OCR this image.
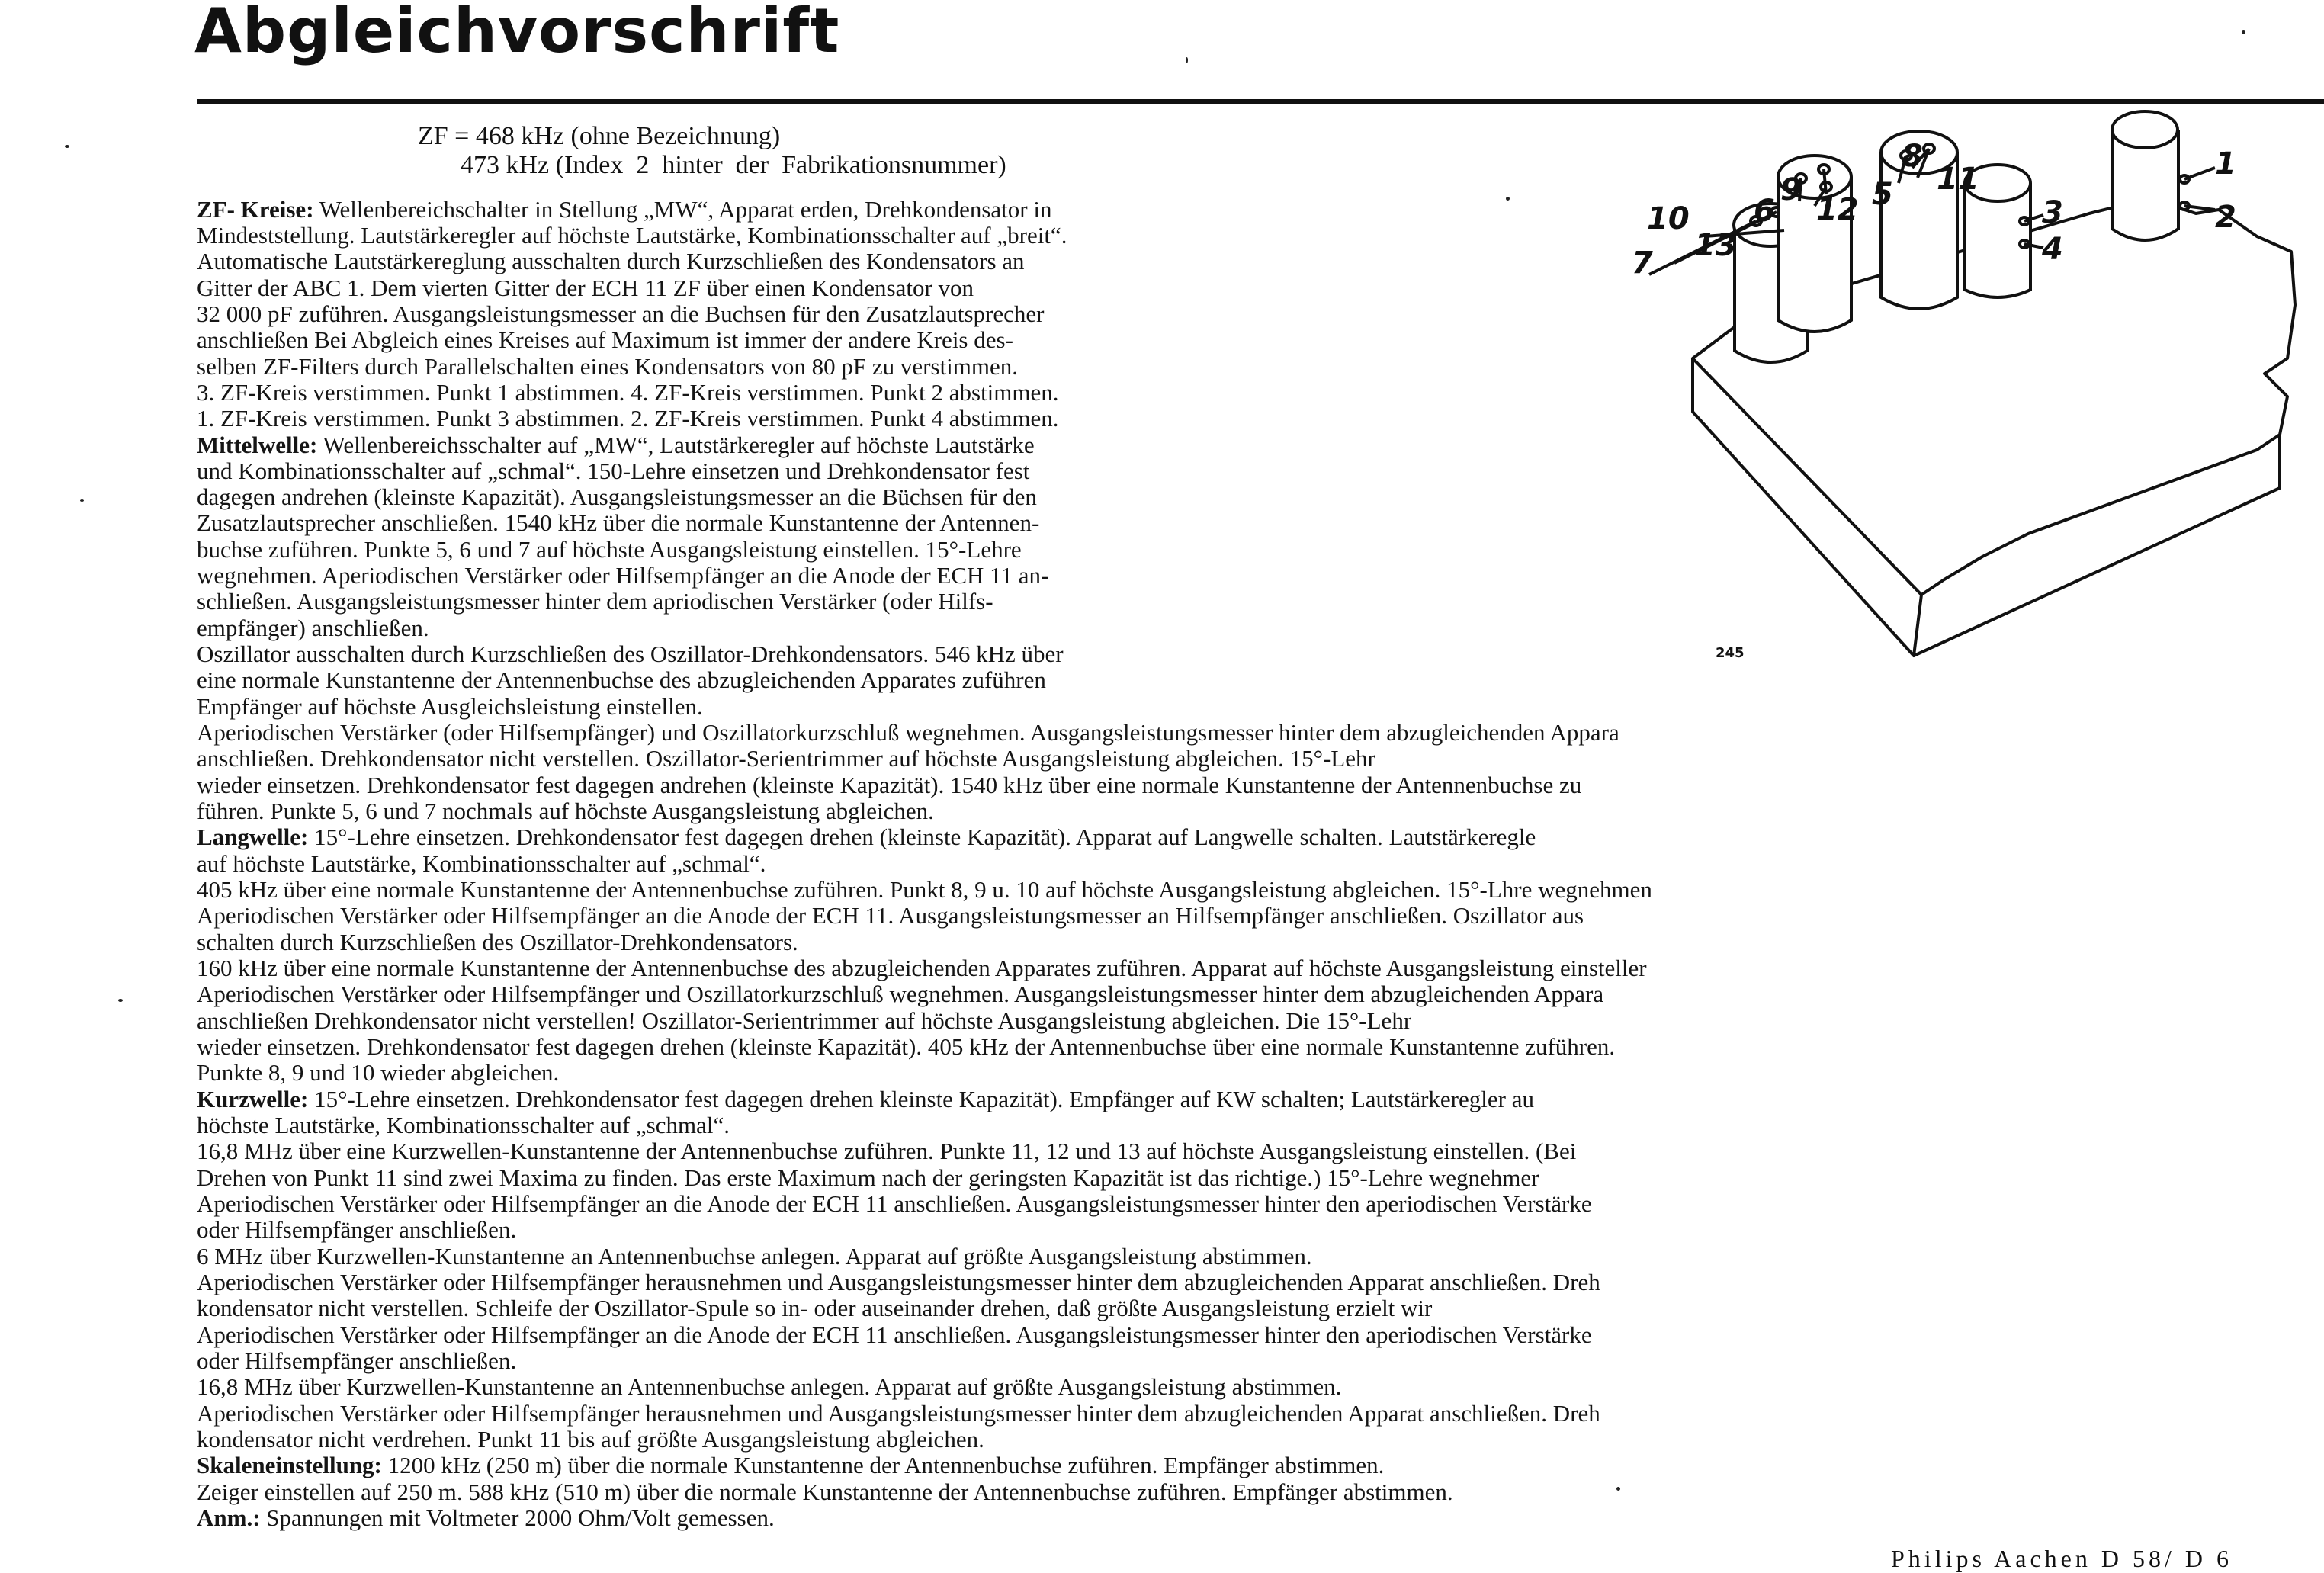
Abgleichvorschrift
ZF = 468 kHz (ohne Bezeichnung)
473 kHz (Index  2  hinter  der  Fabrikationsnummer)
7
10
13
9
12
6
8
11
5
3
4
1
2
245
ZF- Kreise: Wellenbereichschalter in Stellung „MW“, Apparat erden, Drehkondensator in
Mindeststellung. Lautstärkeregler auf höchste Lautstärke, Kombinationsschalter auf „breit“.
Automatische Lautstärkereglung ausschalten durch Kurzschließen des Kondensators an
Gitter der ABC 1. Dem vierten Gitter der ECH 11 ZF über einen Kondensator von
32 000 pF zuführen. Ausgangsleistungsmesser an die Buchsen für den Zusatzlautsprecher
anschließen Bei Abgleich eines Kreises auf Maximum ist immer der andere Kreis des-
selben ZF-Filters durch Parallelschalten eines Kondensators von 80 pF zu verstimmen.
3. ZF-Kreis verstimmen. Punkt 1 abstimmen. 4. ZF-Kreis verstimmen. Punkt 2 abstimmen.
1. ZF-Kreis verstimmen. Punkt 3 abstimmen. 2. ZF-Kreis verstimmen. Punkt 4 abstimmen.
Mittelwelle: Wellenbereichsschalter auf „MW“, Lautstärkeregler auf höchste Lautstärke
und Kombinationsschalter auf „schmal“. 150-Lehre einsetzen und Drehkondensator fest
dagegen andrehen (kleinste Kapazität). Ausgangsleistungsmesser an die Büchsen für den
Zusatzlautsprecher anschließen. 1540 kHz über die normale Kunstantenne der Antennen-
buchse zuführen. Punkte 5, 6 und 7 auf höchste Ausgangsleistung einstellen. 15°-Lehre
wegnehmen. Aperiodischen Verstärker oder Hilfsempfänger an die Anode der ECH 11 an-
schließen. Ausgangsleistungsmesser hinter dem apriodischen Verstärker (oder Hilfs-
empfänger) anschließen.
Oszillator ausschalten durch Kurzschließen des Oszillator-Drehkondensators. 546 kHz über
eine normale Kunstantenne der Antennenbuchse des abzugleichenden Apparates zuführen
Empfänger auf höchste Ausgleichsleistung einstellen.
Aperiodischen Verstärker (oder Hilfsempfänger) und Oszillatorkurzschluß wegnehmen. Ausgangsleistungsmesser hinter dem abzugleichenden Appara
anschließen. Drehkondensator nicht verstellen. Oszillator-Serientrimmer auf höchste Ausgangsleistung abgleichen. 15°-Lehr
wieder einsetzen. Drehkondensator fest dagegen andrehen (kleinste Kapazität). 1540 kHz über eine normale Kunstantenne der Antennenbuchse zu
führen. Punkte 5, 6 und 7 nochmals auf höchste Ausgangsleistung abgleichen.
Langwelle: 15°-Lehre einsetzen. Drehkondensator fest dagegen drehen (kleinste Kapazität). Apparat auf Langwelle schalten. Lautstärkeregle
auf höchste Lautstärke, Kombinationsschalter auf „schmal“.
405 kHz über eine normale Kunstantenne der Antennenbuchse zuführen. Punkt 8, 9 u. 10 auf höchste Ausgangsleistung abgleichen. 15°-Lhre wegnehmen
Aperiodischen Verstärker oder Hilfsempfänger an die Anode der ECH 11. Ausgangsleistungsmesser an Hilfsempfänger anschließen. Oszillator aus
schalten durch Kurzschließen des Oszillator-Drehkondensators.
160 kHz über eine normale Kunstantenne der Antennenbuchse des abzugleichenden Apparates zuführen. Apparat auf höchste Ausgangsleistung einsteller
Aperiodischen Verstärker oder Hilfsempfänger und Oszillatorkurzschluß wegnehmen. Ausgangsleistungsmesser hinter dem abzugleichenden Appara
anschließen Drehkondensator nicht verstellen! Oszillator-Serientrimmer auf höchste Ausgangsleistung abgleichen. Die 15°-Lehr
wieder einsetzen. Drehkondensator fest dagegen drehen (kleinste Kapazität). 405 kHz der Antennenbuchse über eine normale Kunstantenne zuführen.
Punkte 8, 9 und 10 wieder abgleichen.
Kurzwelle: 15°-Lehre einsetzen. Drehkondensator fest dagegen drehen kleinste Kapazität). Empfänger auf KW schalten; Lautstärkeregler au
höchste Lautstärke, Kombinationsschalter auf „schmal“.
16,8 MHz über eine Kurzwellen-Kunstantenne der Antennenbuchse zuführen. Punkte 11, 12 und 13 auf höchste Ausgangsleistung einstellen. (Bei
Drehen von Punkt 11 sind zwei Maxima zu finden. Das erste Maximum nach der geringsten Kapazität ist das richtige.) 15°-Lehre wegnehmer
Aperiodischen Verstärker oder Hilfsempfänger an die Anode der ECH 11 anschließen. Ausgangsleistungsmesser hinter den aperiodischen Verstärke
oder Hilfsempfänger anschließen.
6 MHz über Kurzwellen-Kunstantenne an Antennenbuchse anlegen. Apparat auf größte Ausgangsleistung abstimmen.
Aperiodischen Verstärker oder Hilfsempfänger herausnehmen und Ausgangsleistungsmesser hinter dem abzugleichenden Apparat anschließen. Dreh
kondensator nicht verstellen. Schleife der Oszillator-Spule so in- oder auseinander drehen, daß größte Ausgangsleistung erzielt wir
Aperiodischen Verstärker oder Hilfsempfänger an die Anode der ECH 11 anschließen. Ausgangsleistungsmesser hinter den aperiodischen Verstärke
oder Hilfsempfänger anschließen.
16,8 MHz über Kurzwellen-Kunstantenne an Antennenbuchse anlegen. Apparat auf größte Ausgangsleistung abstimmen.
Aperiodischen Verstärker oder Hilfsempfänger herausnehmen und Ausgangsleistungsmesser hinter dem abzugleichenden Apparat anschließen. Dreh
kondensator nicht verdrehen. Punkt 11 bis auf größte Ausgangsleistung abgleichen.
Skaleneinstellung: 1200 kHz (250 m) über die normale Kunstantenne der Antennenbuchse zuführen. Empfänger abstimmen.
Zeiger einstellen auf 250 m. 588 kHz (510 m) über die normale Kunstantenne der Antennenbuchse zuführen. Empfänger abstimmen.
Anm.: Spannungen mit Voltmeter 2000 Ohm/Volt gemessen.
Philips Aachen D 58/ D 6
